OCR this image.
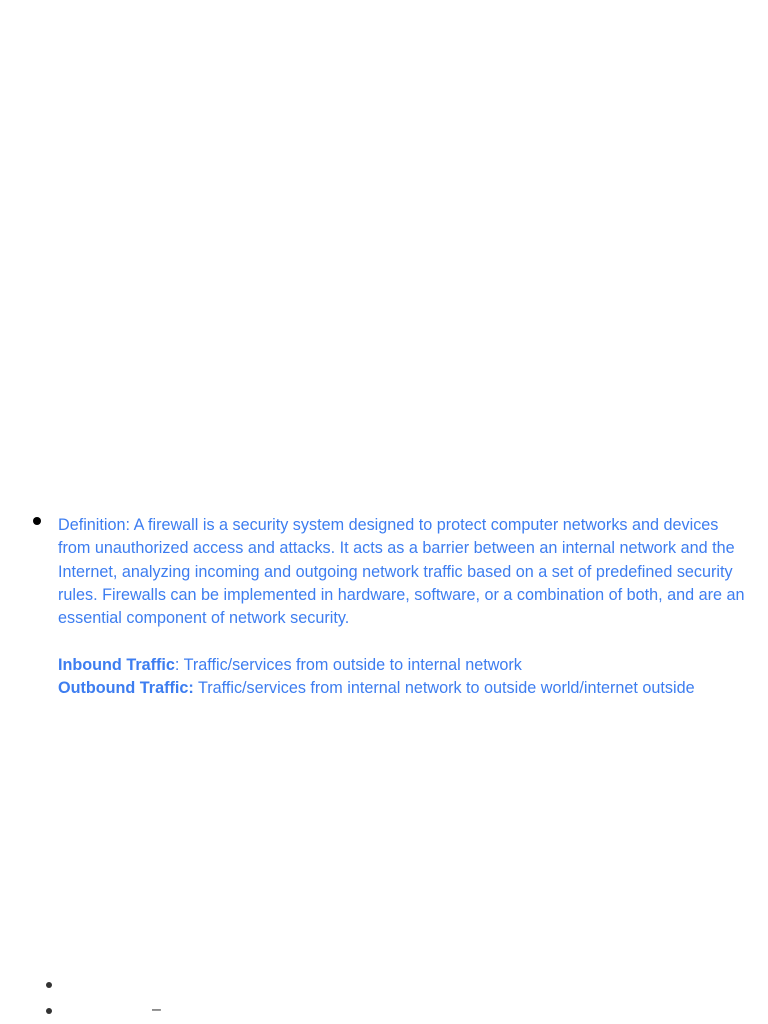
Definition: A firewall is a security system designed to protect computer networks and devices from unauthorized access and attacks. It acts as a barrier between an internal network and the Internet, analyzing incoming and outgoing network traffic based on a set of predefined security rules. Firewalls can be implemented in hardware, software, or a combination of both, and are an essential component of network security.

Inbound Traffic: Traffic/services from outside to internal network

Outbound Traffic: Traffic/services from internal network to outside world/internet outside

–
